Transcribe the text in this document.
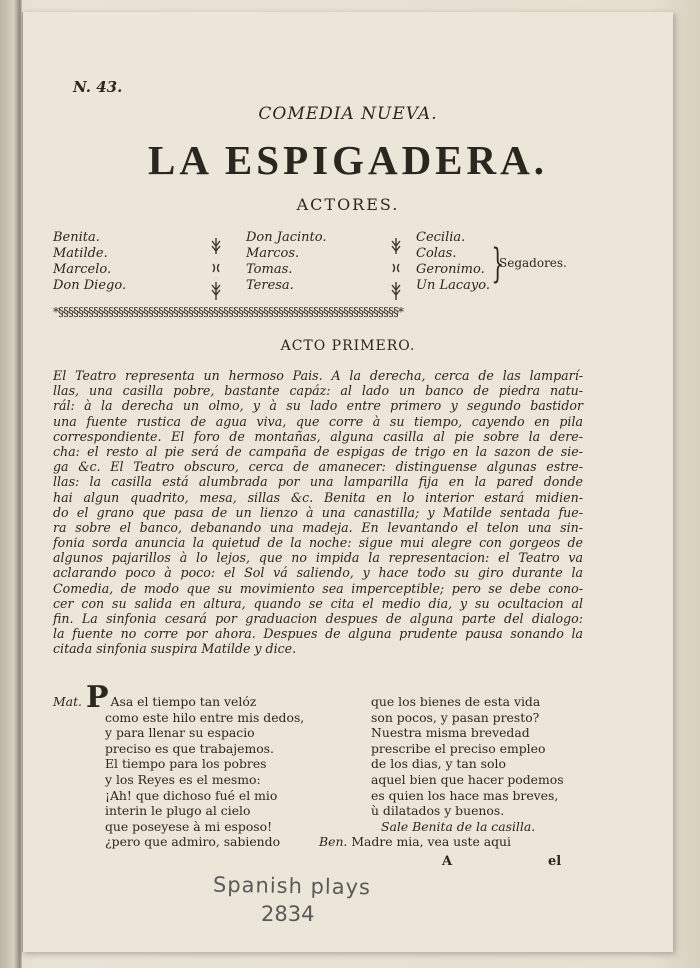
N. 43.
COMEDIA NUEVA.
LA ESPIGADERA.
ACTORES.
Benita.
Matilde.
Marcelo.
Don Diego.
Don Jacinto.
Marcos.
Tomas.
Teresa.
Cecilia.
Colas.
Geronimo.
Un Lacayo. }
Segadores.
*§§§§§§§§§§§§§§§§§§§§§§§§§§§§§§§§§§§§§§§§§§§§§§§§§§§§§§§§§§§§§§§§§§§§*
ACTO PRIMERO.
El Teatro representa un hermoso Pais. A la derecha, cerca de las lamparí-
llas, una casilla pobre, bastante capáz: al lado un banco de piedra natu-
rál: à la derecha un olmo, y à su lado entre primero y segundo bastidor
una fuente rustica de agua viva, que corre à su tiempo, cayendo en pila
correspondiente. El foro de montañas, alguna casilla al pie sobre la dere-
cha: el resto al pie será de campaña de espigas de trigo en la sazon de sie-
ga &c. El Teatro obscuro, cerca de amanecer: distinguense algunas estre-
llas: la casilla está alumbrada por una lamparilla fija en la pared donde
hai algun quadrito, mesa, sillas &c. Benita en lo interior estará midien-
do el grano que pasa de un lienzo à una canastilla; y Matilde sentada fue-
ra sobre el banco, debanando una madeja. En levantando el telon una sin-
fonia sorda anuncia la quietud de la noche: sigue mui alegre con gorgeos de
algunos pajarillos à lo lejos, que no impida la representacion: el Teatro va
aclarando poco à poco: el Sol vá saliendo, y hace todo su giro durante la
Comedia, de modo que su movimiento sea imperceptible; pero se debe cono-
cer con su salida en altura, quando se cita el medio dia, y su ocultacion al
fin. La sinfonia cesará por graduacion despues de alguna parte del dialogo:
la fuente no corre por ahora. Despues de alguna prudente pausa sonando la
citada sinfonia suspira Matilde y dice.
Mat. P Asa el tiempo tan velóz
como este hilo entre mis dedos,
y para llenar su espacio
preciso es que trabajemos.
El tiempo para los pobres
y los Reyes es el mesmo:
¡Ah! que dichoso fué el mio
interin le plugo al cielo
que poseyese à mi esposo!
¿pero que admiro, sabiendo
que los bienes de esta vida
son pocos, y pasan presto?
Nuestra misma brevedad
prescribe el preciso empleo
de los dias, y tan solo
aquel bien que hacer podemos
es quien los hace mas breves,
ù dilatados y buenos.
Sale Benita de la casilla.
Ben. Madre mia, vea uste aqui
A	el
Spanish plays
2834
